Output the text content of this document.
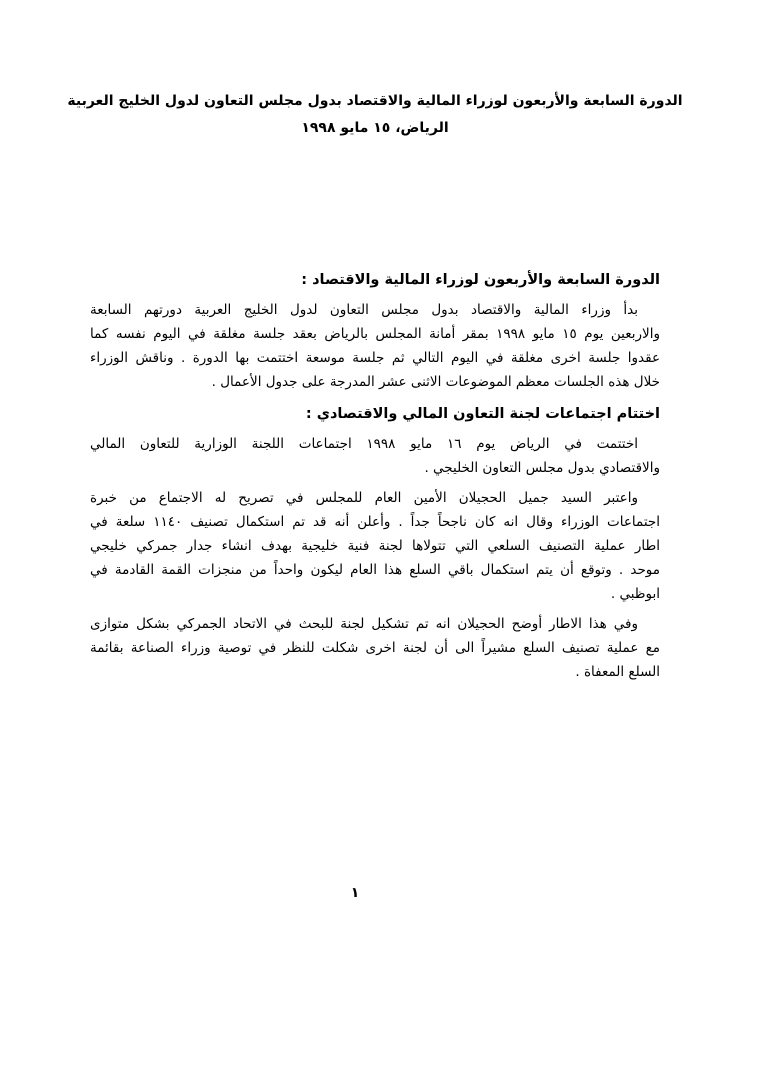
الدورة السابعة والأربعون لوزراء المالية والاقتصاد بدول مجلس التعاون لدول الخليج العربية
الرياض، ١٥ مايو ١٩٩٨
الدورة السابعة والأربعون لوزراء المالية والاقتصاد :
بدأ وزراء المالية والاقتصاد بدول مجلس التعاون لدول الخليج العربية دورتهم السابعة
والاربعين يوم ١٥ مايو ١٩٩٨ بمقر أمانة المجلس بالرياض بعقد جلسة مغلقة في اليوم نفسه كما
عقدوا جلسة اخرى مغلقة في اليوم التالي ثم جلسة موسعة اختتمت بها الدورة . وناقش الوزراء
خلال هذه الجلسات معظم الموضوعات الاثنى عشر المدرجة على جدول الأعمال .
اختتام اجتماعات لجنة التعاون المالي والاقتصادي :
اختتمت في الرياض يوم ١٦ مايو ١٩٩٨ اجتماعات اللجنة الوزارية للتعاون المالي
والاقتصادي بدول مجلس التعاون الخليجي .
واعتبر السيد جميل الحجيلان الأمين العام للمجلس في تصريح له الاجتماع من خبرة
اجتماعات الوزراء وقال انه كان ناجحاً جداً . وأعلن أنه قد تم استكمال تصنيف ١١٤٠ سلعة في
اطار عملية التصنيف السلعي التي تتولاها لجنة فنية خليجية بهدف انشاء جدار جمركي خليجي
موحد . وتوقع أن يتم استكمال باقي السلع هذا العام ليكون واحداً من منجزات القمة القادمة في
ابوظبي .
وفي هذا الاطار أوضح الحجيلان انه تم تشكيل لجنة للبحث في الاتحاد الجمركي بشكل متوازى
مع عملية تصنيف السلع مشيراً الى أن لجنة اخرى شكلت للنظر في توصية وزراء الصناعة بقائمة
السلع المعفاة .
١
